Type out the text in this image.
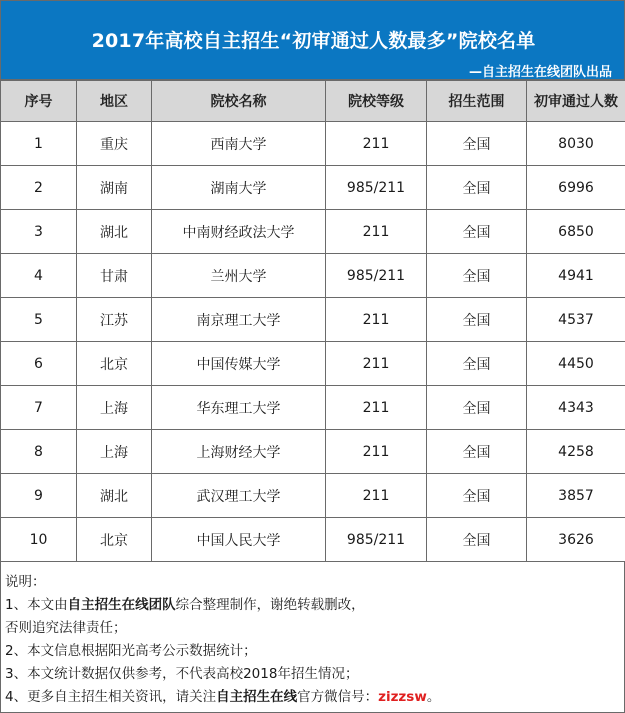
2017年高校自主招生“初审通过人数最多”院校名单
—自主招生在线团队出品
序号	地区	院校名称	院校等级	招生范围	初审通过人数
1	重庆	西南大学	211	全国	8030
2	湖南	湖南大学	985/211	全国	6996
3	湖北	中南财经政法大学	211	全国	6850
4	甘肃	兰州大学	985/211	全国	4941
5	江苏	南京理工大学	211	全国	4537
6	北京	中国传媒大学	211	全国	4450
7	上海	华东理工大学	211	全国	4343
8	上海	上海财经大学	211	全国	4258
9	湖北	武汉理工大学	211	全国	3857
10	北京	中国人民大学	985/211	全国	3626

说明：

1、本文由自主招生在线团队综合整理制作，谢绝转载删改，

否则追究法律责任；

2、本文信息根据阳光高考公示数据统计；

3、本文统计数据仅供参考，不代表高校2018年招生情况；

4、更多自主招生相关资讯，请关注自主招生在线官方微信号：zizzsw。
